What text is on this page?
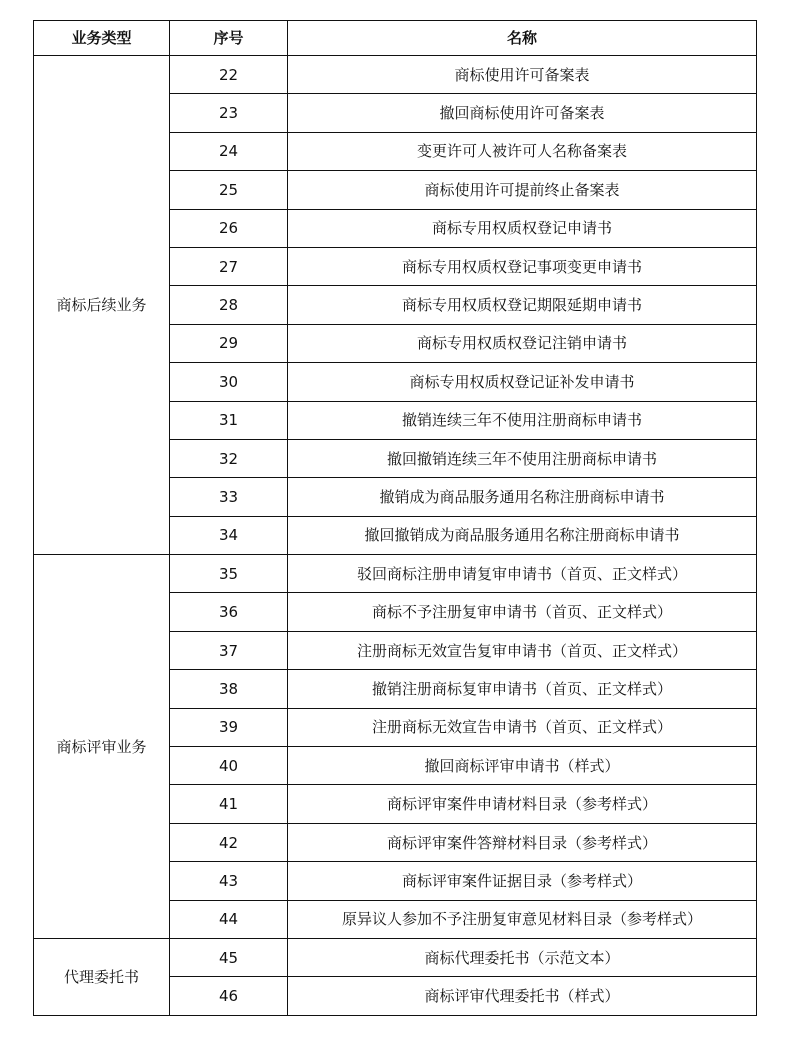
业务类型	序号	名称
商标后续业务	22	商标使用许可备案表
	23	撤回商标使用许可备案表
	24	变更许可人被许可人名称备案表
	25	商标使用许可提前终止备案表
	26	商标专用权质权登记申请书
	27	商标专用权质权登记事项变更申请书
	28	商标专用权质权登记期限延期申请书
	29	商标专用权质权登记注销申请书
	30	商标专用权质权登记证补发申请书
	31	撤销连续三年不使用注册商标申请书
	32	撤回撤销连续三年不使用注册商标申请书
	33	撤销成为商品服务通用名称注册商标申请书
	34	撤回撤销成为商品服务通用名称注册商标申请书
商标评审业务	35	驳回商标注册申请复审申请书（首页、正文样式）
	36	商标不予注册复审申请书（首页、正文样式）
	37	注册商标无效宣告复审申请书（首页、正文样式）
	38	撤销注册商标复审申请书（首页、正文样式）
	39	注册商标无效宣告申请书（首页、正文样式）
	40	撤回商标评审申请书（样式）
	41	商标评审案件申请材料目录（参考样式）
	42	商标评审案件答辩材料目录（参考样式）
	43	商标评审案件证据目录（参考样式）
	44	原异议人参加不予注册复审意见材料目录（参考样式）
代理委托书	45	商标代理委托书（示范文本）
	46	商标评审代理委托书（样式）
